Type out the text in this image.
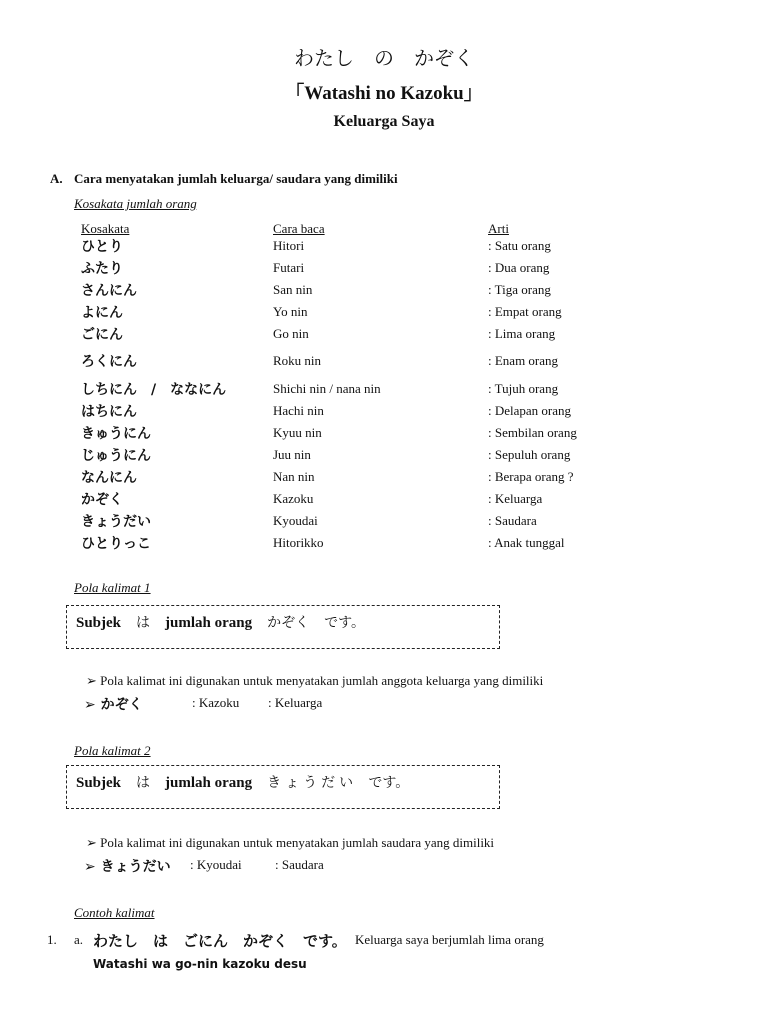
わたし　の　かぞく
「Watashi no Kazoku」
Keluarga Saya
A. Cara menyatakan jumlah keluarga/ saudara yang dimiliki
Kosakata jumlah orang
Kosakata	Cara baca	Arti
ひとり	Hitori	: Satu orang
ふたり	Futari	: Dua orang
さんにん	San nin	: Tiga orang
よにん	Yo nin	: Empat orang
ごにん	Go nin	: Lima orang
ろくにん	Roku nin	: Enam orang
しちにん　/　ななにん	Shichi nin / nana nin	: Tujuh orang
はちにん	Hachi nin	: Delapan orang
きゅうにん	Kyuu nin	: Sembilan orang
じゅうにん	Juu nin	: Sepuluh orang
なんにん	Nan nin	: Berapa orang ?
かぞく	Kazoku	: Keluarga
きょうだい	Kyoudai	: Saudara
ひとりっこ	Hitorikko	: Anak tunggal
Pola kalimat 1
Subjek は jumlah orang かぞく です。
➢ Pola kalimat ini digunakan untuk menyatakan jumlah anggota keluarga yang dimiliki
➢ かぞく	: Kazoku : Keluarga
Pola kalimat 2
Subjek は jumlah orang きょうだい です。
➢ Pola kalimat ini digunakan untuk menyatakan jumlah saudara yang dimiliki
➢ きょうだい : Kyoudai	: Saudara
Contoh kalimat
1. a. わたし　は　ごにん　かぞく　です。 Keluarga saya berjumlah lima orang
Watashi wa go-nin kazoku desu
